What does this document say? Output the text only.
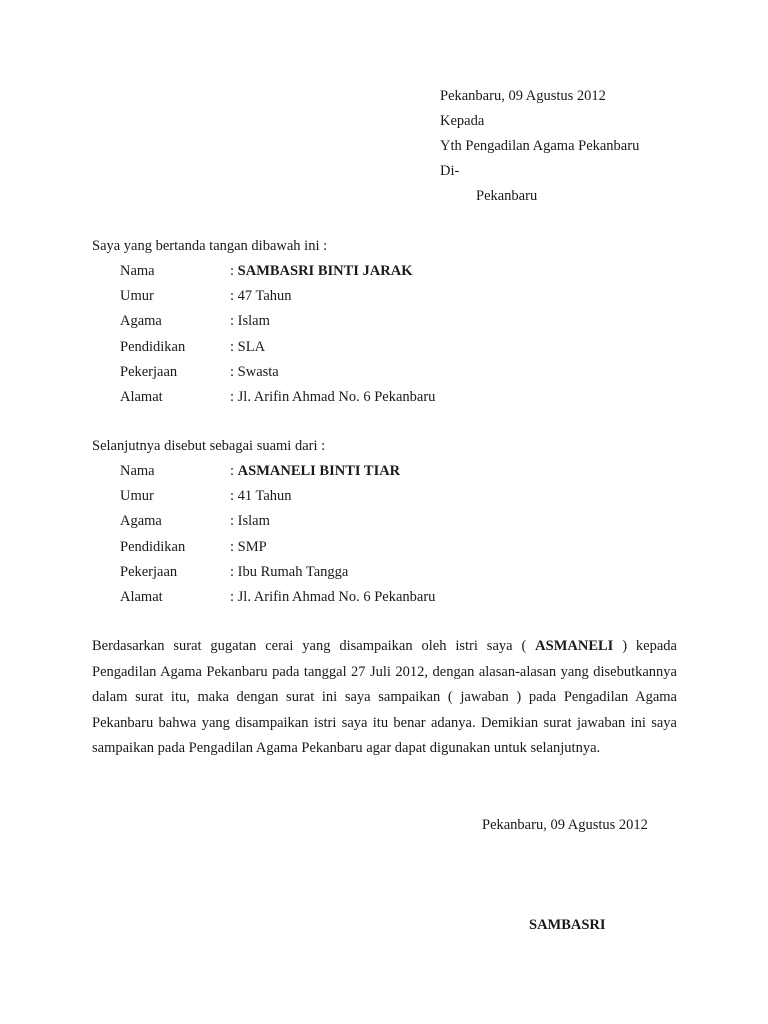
Pekanbaru, 09 Agustus 2012
Kepada
Yth Pengadilan Agama Pekanbaru
Di-
Pekanbaru
Saya yang bertanda tangan dibawah ini :
Nama	: SAMBASRI BINTI JARAK
Umur	: 47 Tahun
Agama	: Islam
Pendidikan	: SLA
Pekerjaan	: Swasta
Alamat	: Jl. Arifin Ahmad No. 6 Pekanbaru
Selanjutnya disebut sebagai suami dari :
Nama	: ASMANELI BINTI TIAR
Umur	: 41 Tahun
Agama	: Islam
Pendidikan	: SMP
Pekerjaan	: Ibu Rumah Tangga
Alamat	: Jl. Arifin Ahmad No. 6 Pekanbaru
Berdasarkan surat gugatan cerai yang disampaikan oleh istri saya ( ASMANELI ) kepada Pengadilan Agama Pekanbaru pada tanggal 27 Juli 2012, dengan alasan-alasan yang disebutkannya dalam surat itu, maka dengan surat ini saya sampaikan ( jawaban ) pada Pengadilan Agama Pekanbaru bahwa yang disampaikan istri saya itu benar adanya. Demikian surat jawaban ini saya sampaikan pada Pengadilan Agama Pekanbaru agar dapat digunakan untuk selanjutnya.
Pekanbaru, 09 Agustus 2012
SAMBASRI
